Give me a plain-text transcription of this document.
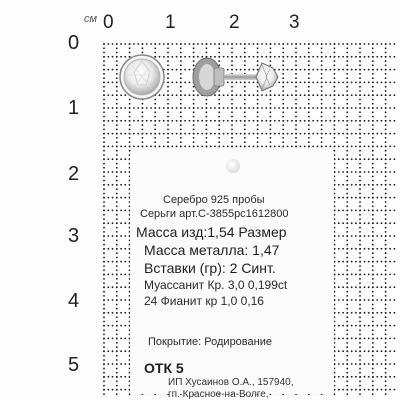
см 0	1	2	3
0
1
2
3
4
5

Серебро 925 пробы

Серьги арт.С-3855рс1612800

Масса изд:1,54 Размер

Масса металла: 1,47

Вставки (гр): 2 Синт.

Муассанит Кр. 3,0 0,199ct

24 Фианит кр 1,0 0,16

Покрытие: Родирование

ОТК 5

ИП Хусаинов О.А., 157940,

гп. Красное-на-Волге,
